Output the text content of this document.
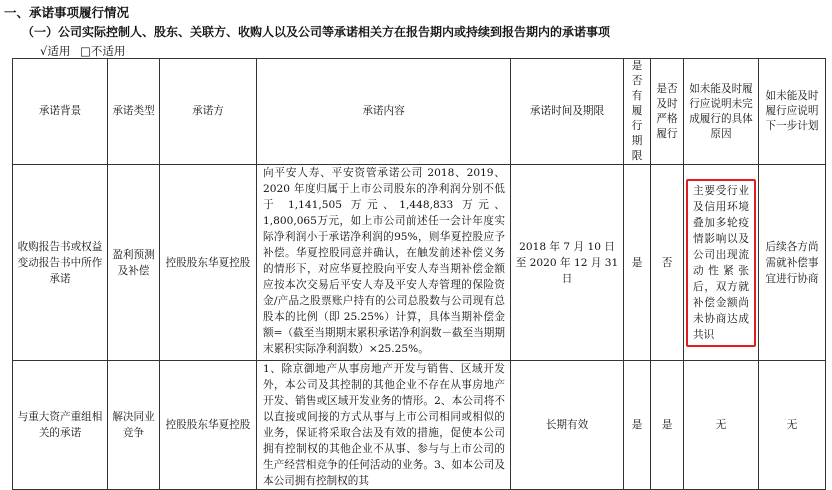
一、承诺事项履行情况
（一）公司实际控制人、股东、关联方、收购人以及公司等承诺相关方在报告期内或持续到报告期内的承诺事项
√适用 □不适用
承诺背景	承诺类型	承诺方	承诺内容	承诺时间及期限	是否有履行期限	是否及时严格履行	如未能及时履行应说明未完成履行的具体原因	如未能及时履行应说明下一步计划
收购报告书或权益变动报告书中所作承诺	盈利预测及补偿	控股股东华夏控股	向平安人寿、平安资管承诺公司 2018、2019、2020 年度归属于上市公司股东的净利润分别不低于 1,141,505 万元、1,448,833 万元、1,800,065万元，如上市公司前述任一会计年度实际净利润小于承诺净利润的95%，则华夏控股应予补偿。华夏控股同意并确认，在触发前述补偿义务的情形下，对应华夏控股向平安人寿当期补偿金额应按本次交易后平安人寿及平安人寿管理的保险资金/产品之股票账户持有的公司总股数与公司现有总股本的比例（即 25.25%）计算，具体当期补偿金额=（截至当期期末累积承诺净利润数－截至当期期末累积实际净利润数）×25.25%。	2018 年 7 月 10 日至 2020 年 12 月 31 日	是	否	主要受行业及信用环境叠加多轮疫情影响以及公司出现流动性紧张后，双方就补偿金额尚未协商达成共识	后续各方尚需就补偿事宜进行协商
与重大资产重组相关的承诺	解决同业竞争	控股股东华夏控股	1、除京御地产从事房地产开发与销售、区域开发外，本公司及其控制的其他企业不存在从事房地产开发、销售或区域开发业务的情形。2、本公司将不以直接或间接的方式从事与上市公司相同或相似的业务，保证将采取合法及有效的措施，促使本公司拥有控制权的其他企业不从事、参与与上市公司的生产经营相竞争的任何活动的业务。3、如本公司及本公司拥有控制权的其	长期有效	是	是	无	无
